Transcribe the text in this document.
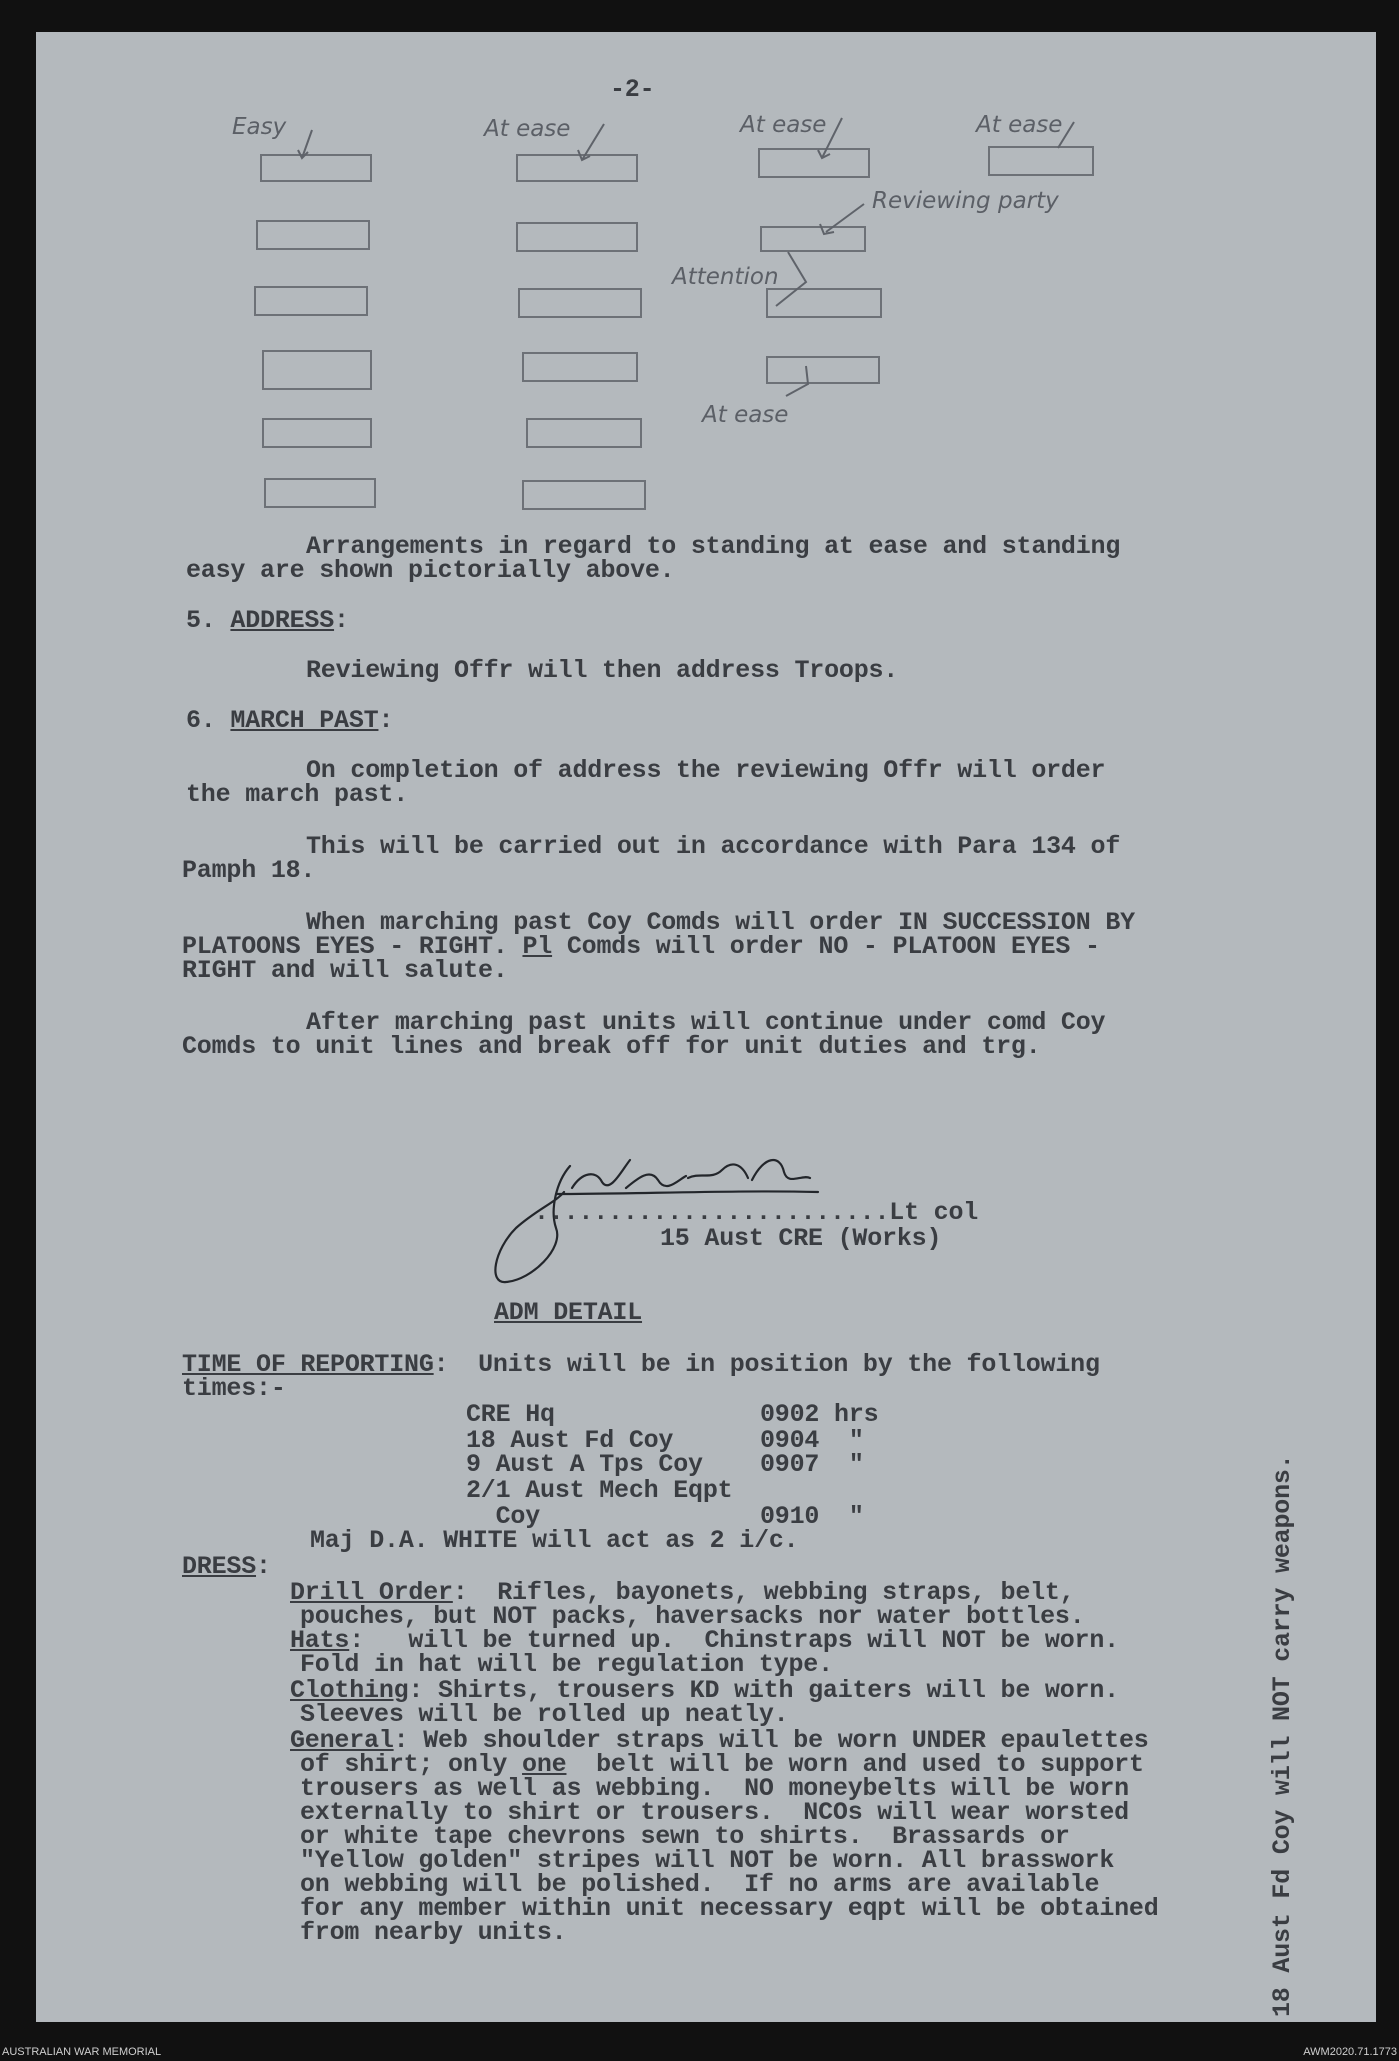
-2-
Easy	At ease	At ease	At ease
Reviewing party
Attention
At ease
Arrangements in regard to standing at ease and standing
easy are shown pictorially above.
5. ADDRESS:
Reviewing Offr will then address Troops.
6. MARCH PAST:
On completion of address the reviewing Offr will order
the march past.
This will be carried out in accordance with Para 134 of
Pamph 18.
When marching past Coy Comds will order IN SUCCESSION BY
PLATOONS EYES - RIGHT. Pl Comds will order NO - PLATOON EYES -
RIGHT and will salute.
After marching past units will continue under comd Coy
Comds to unit lines and break off for unit duties and trg.
........................Lt col
15 Aust CRE (Works)
ADM DETAIL
TIME OF REPORTING:  Units will be in position by the following
times:-
CRE Hq	0902 hrs
18 Aust Fd Coy	0904  "
9 Aust A Tps Coy 0907  "
2/1 Aust Mech Eqpt
Coy	0910  "
Maj D.A. WHITE will act as 2 i/c.
DRESS:
Drill Order:  Rifles, bayonets, webbing straps, belt,
pouches, but NOT packs, haversacks nor water bottles.
Hats:   will be turned up.  Chinstraps will NOT be worn.
Fold in hat will be regulation type.
Clothing: Shirts, trousers KD with gaiters will be worn.
Sleeves will be rolled up neatly.
General: Web shoulder straps will be worn UNDER epaulettes
of shirt; only one  belt will be worn and used to support
trousers as well as webbing.  NO moneybelts will be worn
externally to shirt or trousers.  NCOs will wear worsted
or white tape chevrons sewn to shirts.  Brassards or
"Yellow golden" stripes will NOT be worn. All brasswork
on webbing will be polished.  If no arms are available
for any member within unit necessary eqpt will be obtained
from nearby units.	18 Aust Fd Coy will NOT carry weapons.
AUSTRALIAN WAR MEMORIAL	AWM2020.71.1773
